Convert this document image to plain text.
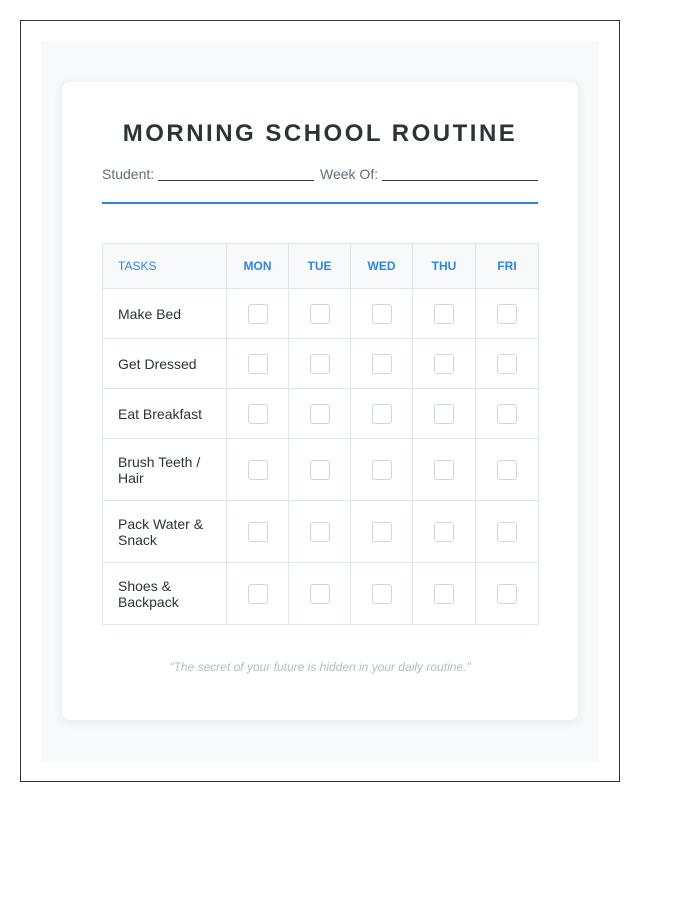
MORNING SCHOOL ROUTINE
Student:	Week Of:
TASKS	MON	TUE	WED	THU	FRI
Make Bed					
Get Dressed					
Eat Breakfast					
Brush Teeth / Hair					
Pack Water & Snack					
Shoes & Backpack					
"The secret of your future is hidden in your daily routine."
